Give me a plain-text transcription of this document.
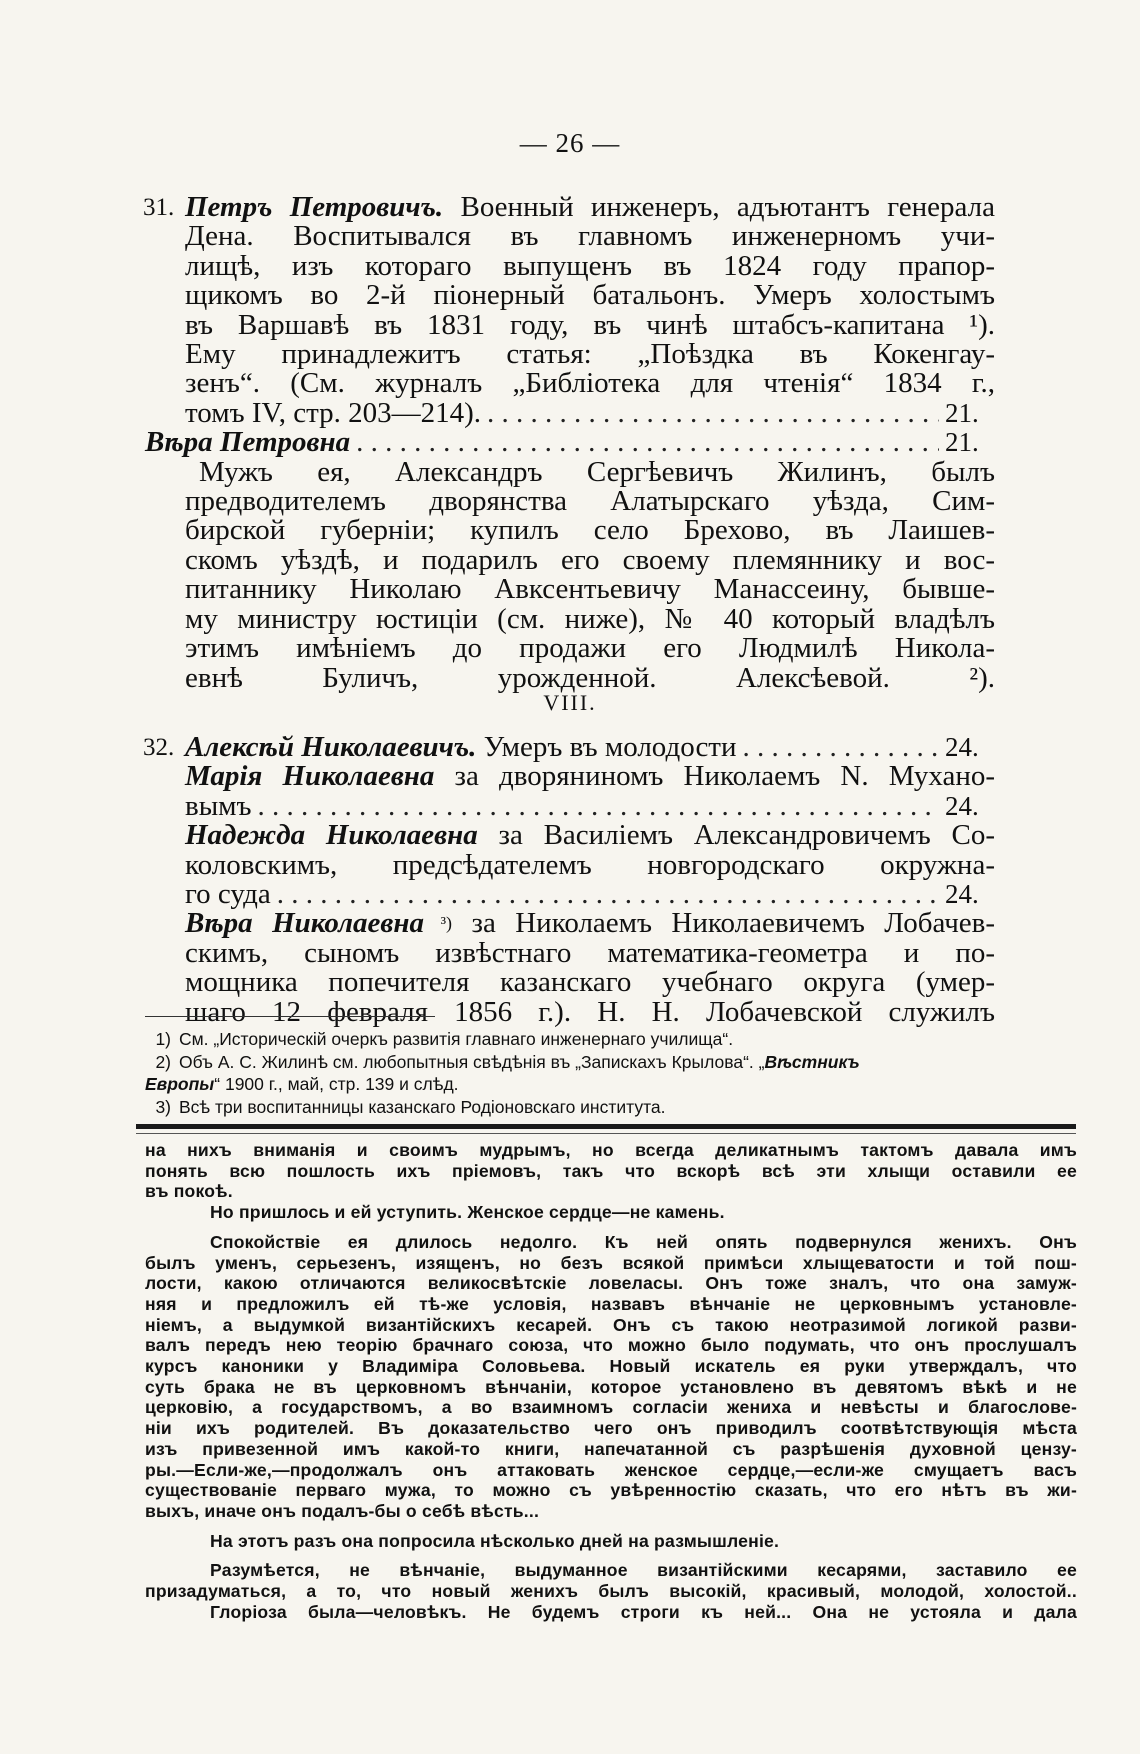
— 26 —
31. Петръ Петровичъ. Военный инженеръ, адъютантъ генерала
Дена. Воспитывался въ главномъ инженерномъ учи-
лищѣ, изъ котораго выпущенъ въ 1824 году прапор-
щикомъ во 2-й піонерный батальонъ. Умеръ холостымъ
въ Варшавѣ въ 1831 году, въ чинѣ штабсъ-капитана ¹).
Ему принадлежитъ статья: „Поѣздка въ Кокенгау-
зенъ“. (См. журналъ „Библіотека для чтенія“ 1834 г.,
томъ IV, стр. 203—214). . . .	21.
Вѣра Петровна . . .	21.
Мужъ ея, Александръ Сергѣевичъ Жилинъ, былъ
предводителемъ дворянства Алатырскаго уѣзда, Сим-
бирской губерніи; купилъ село Брехово, въ Лаишев-
скомъ уѣздѣ, и подарилъ его своему племяннику и вос-
питаннику Николаю Авксентьевичу Манассеину, бывше-
му министру юстиціи (см. ниже), № 40 который владѣлъ
этимъ имѣніемъ до продажи его Людмилѣ Никола-
евнѣ Буличъ, урожденной. Алексѣевой. ²).
VIII.
32. Алексѣй Николаевичъ. Умеръ въ молодости . . .	24.
Марія Николаевна за дворяниномъ Николаемъ N. Мухано-
вымъ . . .	24.
Надежда Николаевна за Василіемъ Александровичемъ Со-
коловскимъ, предсѣдателемъ новгородскаго окружна-
го суда . . .	24.
Вѣра Николаевна $^{^3)}$ за Николаемъ Николаевичемъ Лобачев-
скимъ, сыномъ извѣстнаго математика-геометра и по-
мощника попечителя казанскаго учебнаго округа (умер-
шаго 12 февраля 1856 г.). Н. Н. Лобачевской служилъ
1) См. „Историческій очеркъ развитія главнаго инженернаго училища“.
2) Объ А. С. Жилинѣ см. любопытныя свѣдѣнія въ „Запискахъ Крылова“. „Вѣстникъ
Европы“ 1900 г., май, стр. 139 и слѣд.
3) Всѣ три воспитанницы казанскаго Родіоновскаго института.
на нихъ вниманія и своимъ мудрымъ, но всегда деликатнымъ тактомъ давала имъ
понять всю пошлость ихъ пріемовъ, такъ что вскорѣ всѣ эти хлыщи оставили ее
въ покоѣ.
Но пришлось и ей уступить. Женское сердце—не камень.
Спокойствіе ея длилось недолго. Къ ней опять подвернулся женихъ. Онъ
былъ уменъ, серьезенъ, изященъ, но безъ всякой примѣси хлыщеватости и той пош-
лости, какою отличаются великосвѣтскіе ловеласы. Онъ тоже зналъ, что она замуж-
няя и предложилъ ей тѣ-же условія, назвавъ вѣнчаніе не церковнымъ установле-
ніемъ, а выдумкой византійскихъ кесарей. Онъ съ такою неотразимой логикой разви-
валъ передъ нею теорію брачнаго союза, что можно было подумать, что онъ прослушалъ
курсъ каноники у Владиміра Соловьева. Новый искатель ея руки утверждалъ, что
суть брака не въ церковномъ вѣнчаніи, которое установлено въ девятомъ вѣкѣ и не
церковію, а государствомъ, а во взаимномъ согласіи жениха и невѣсты и благослове-
ніи ихъ родителей. Въ доказательство чего онъ приводилъ соотвѣтствующія мѣста
изъ привезенной имъ какой-то книги, напечатанной съ разрѣшенія духовной цензу-
ры.—Если-же,—продолжалъ онъ аттаковать женское сердце,—если-же смущаетъ васъ
существованіе перваго мужа, то можно съ увѣренностію сказать, что его нѣтъ въ жи-
выхъ, иначе онъ подалъ-бы о себѣ вѣсть...
На этотъ разъ она попросила нѣсколько дней на размышленіе.
Разумѣется, не вѣнчаніе, выдуманное византійскими кесарями, заставило ее
призадуматься, а то, что новый женихъ былъ высокій, красивый, молодой, холостой..
Глоріоза была—человѣкъ. Не будемъ строги къ ней... Она не устояла и дала
